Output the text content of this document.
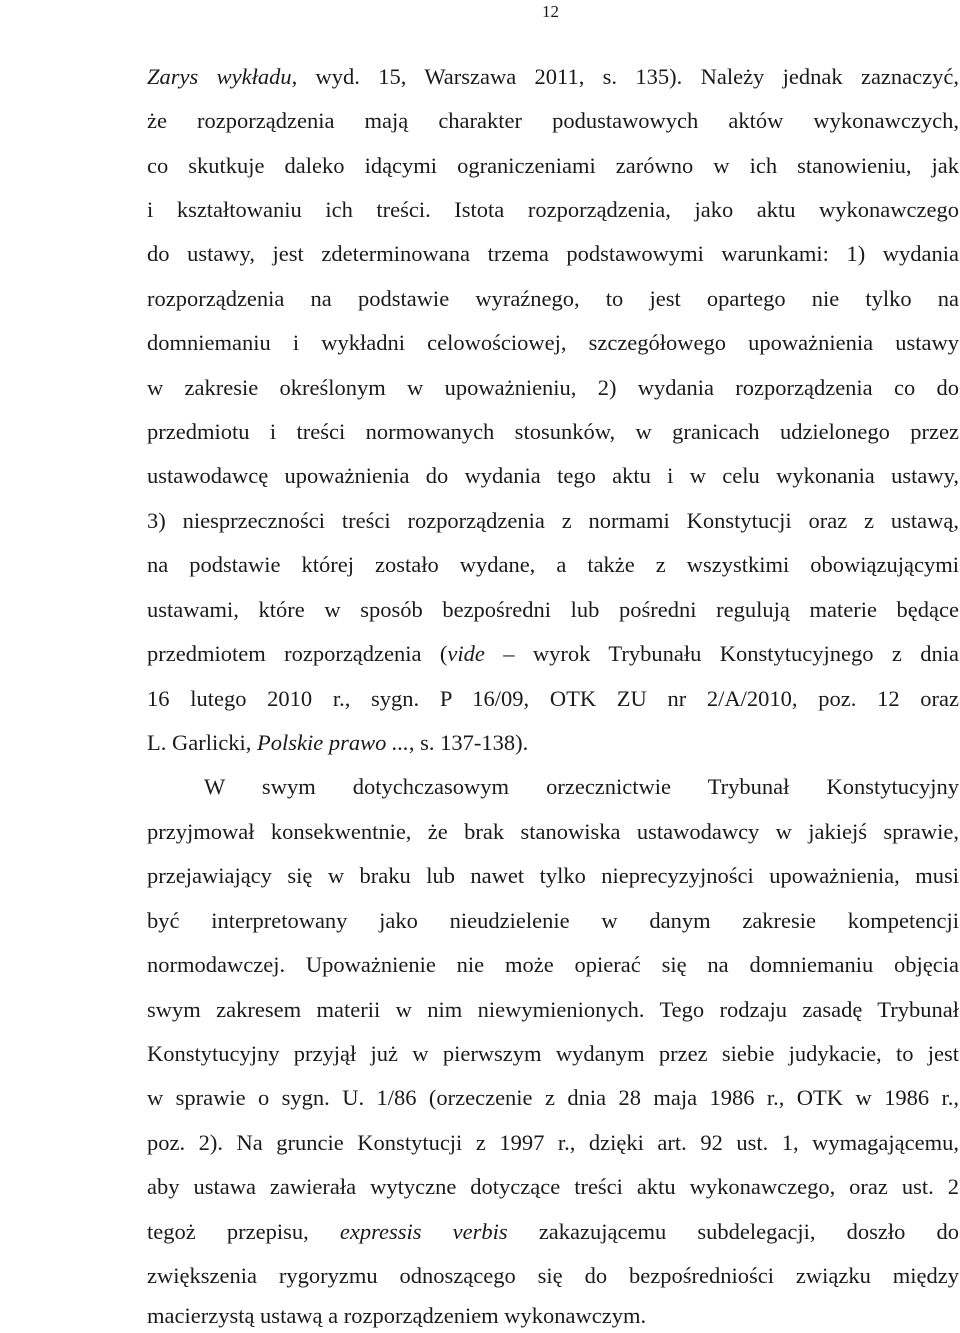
12
Zarys wykładu, wyd. 15, Warszawa 2011, s. 135). Należy jednak zaznaczyć,
że rozporządzenia mają charakter podustawowych aktów wykonawczych,
co skutkuje daleko idącymi ograniczeniami zarówno w ich stanowieniu, jak
i kształtowaniu ich treści. Istota rozporządzenia, jako aktu wykonawczego
do ustawy, jest zdeterminowana trzema podstawowymi warunkami: 1) wydania
rozporządzenia na podstawie wyraźnego, to jest opartego nie tylko na
domniemaniu i wykładni celowościowej, szczegółowego upoważnienia ustawy
w zakresie określonym w upoważnieniu, 2) wydania rozporządzenia co do
przedmiotu i treści normowanych stosunków, w granicach udzielonego przez
ustawodawcę upoważnienia do wydania tego aktu i w celu wykonania ustawy,
3) niesprzeczności treści rozporządzenia z normami Konstytucji oraz z ustawą,
na podstawie której zostało wydane, a także z wszystkimi obowiązującymi
ustawami, które w sposób bezpośredni lub pośredni regulują materie będące
przedmiotem rozporządzenia (vide – wyrok Trybunału Konstytucyjnego z dnia
16 lutego 2010 r., sygn. P 16/09, OTK ZU nr 2/A/2010, poz. 12 oraz
L. Garlicki, Polskie prawo ..., s. 137-138).
W swym dotychczasowym orzecznictwie Trybunał Konstytucyjny
przyjmował konsekwentnie, że brak stanowiska ustawodawcy w jakiejś sprawie,
przejawiający się w braku lub nawet tylko nieprecyzyjności upoważnienia, musi
być interpretowany jako nieudzielenie w danym zakresie kompetencji
normodawczej. Upoważnienie nie może opierać się na domniemaniu objęcia
swym zakresem materii w nim niewymienionych. Tego rodzaju zasadę Trybunał
Konstytucyjny przyjął już w pierwszym wydanym przez siebie judykacie, to jest
w sprawie o sygn. U. 1/86 (orzeczenie z dnia 28 maja 1986 r., OTK w 1986 r.,
poz. 2). Na gruncie Konstytucji z 1997 r., dzięki art. 92 ust. 1, wymagającemu,
aby ustawa zawierała wytyczne dotyczące treści aktu wykonawczego, oraz ust. 2
tegoż przepisu, expressis verbis zakazującemu subdelegacji, doszło do
zwiększenia rygoryzmu odnoszącego się do bezpośredniości związku między
macierzystą ustawą a rozporządzeniem wykonawczym.
